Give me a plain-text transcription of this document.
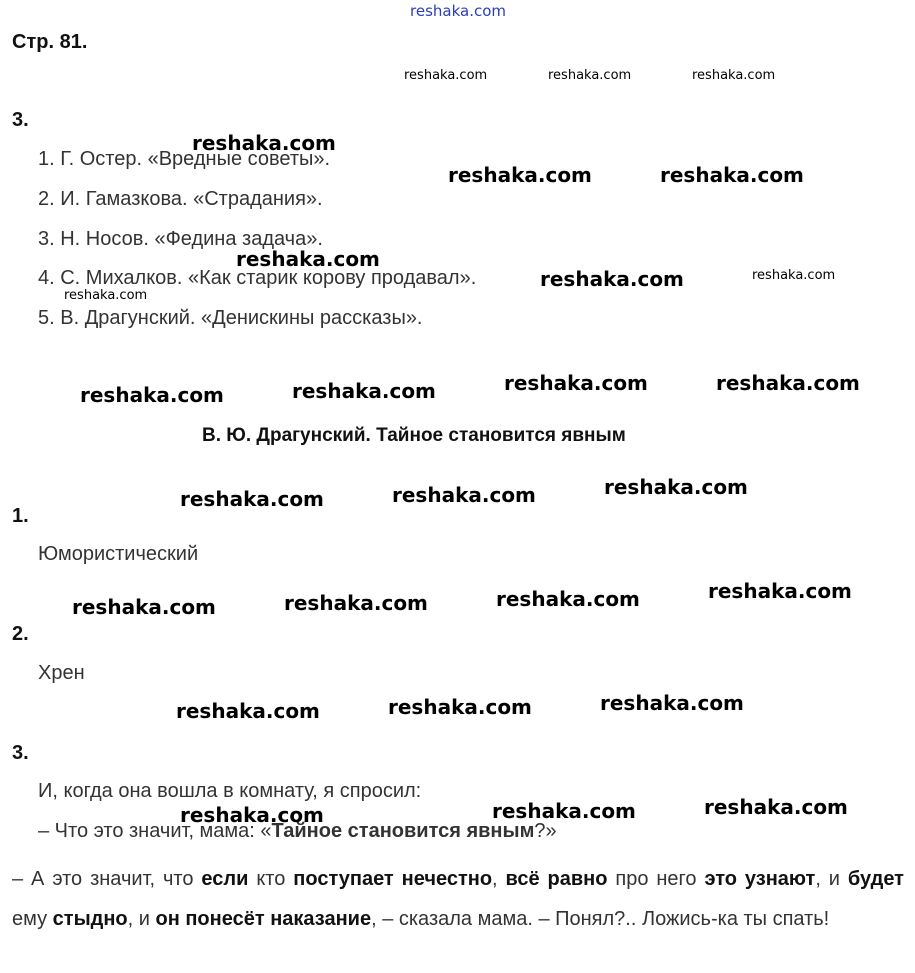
reshaka.com
Стр. 81.
3.
1. Г. Остер. «Вредные советы».
2. И. Гамазкова. «Страдания».
3. Н. Носов. «Федина задача».
4. С. Михалков. «Как старик корову продавал».
5. В. Драгунский. «Денискины рассказы».
В. Ю. Драгунский. Тайное становится явным
1.
Юмористический
2.
Хрен
3.
И, когда она вошла в комнату, я спросил:
– Что это значит, мама: «Тайное становится явным?»
– А это значит, что если кто поступает нечестно, всё равно про него это узнают, и будет ему стыдно, и он понесёт наказание, – сказала мама. – Понял?.. Ложись-ка ты спать!
reshaka.com	reshaka.com	reshaka.com
reshaka.com
reshaka.com	reshaka.com
reshaka.com
reshaka.com	reshaka.com
reshaka.com
reshaka.com	reshaka.com	reshaka.com	reshaka.com
reshaka.com	reshaka.com	reshaka.com
reshaka.com	reshaka.com	reshaka.com	reshaka.com
reshaka.com	reshaka.com	reshaka.com
reshaka.com	reshaka.com	reshaka.com
